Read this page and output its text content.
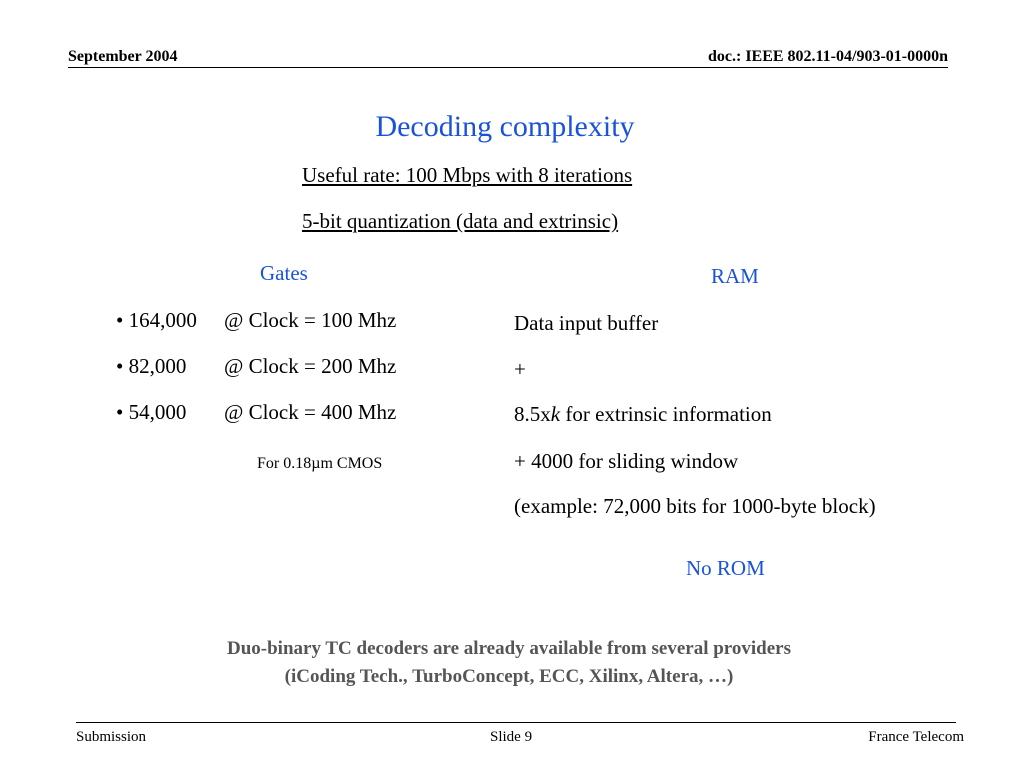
September 2004	doc.: IEEE 802.11-04/903-01-0000n
Decoding complexity
Useful rate: 100 Mbps with 8 iterations
5-bit quantization (data and extrinsic)
Gates
• 164,000 @ Clock = 100 Mhz
• 82,000 @ Clock = 200 Mhz
• 54,000 @ Clock = 400 Mhz
For 0.18µm CMOS
RAM
Data input buffer
+
8.5xk for extrinsic information
+ 4000 for sliding window
(example: 72,000 bits for 1000-byte block)
No ROM
Duo-binary TC decoders are already available from several providers
(iCoding Tech., TurboConcept, ECC, Xilinx, Altera, …)
Submission	Slide 9	France Telecom
